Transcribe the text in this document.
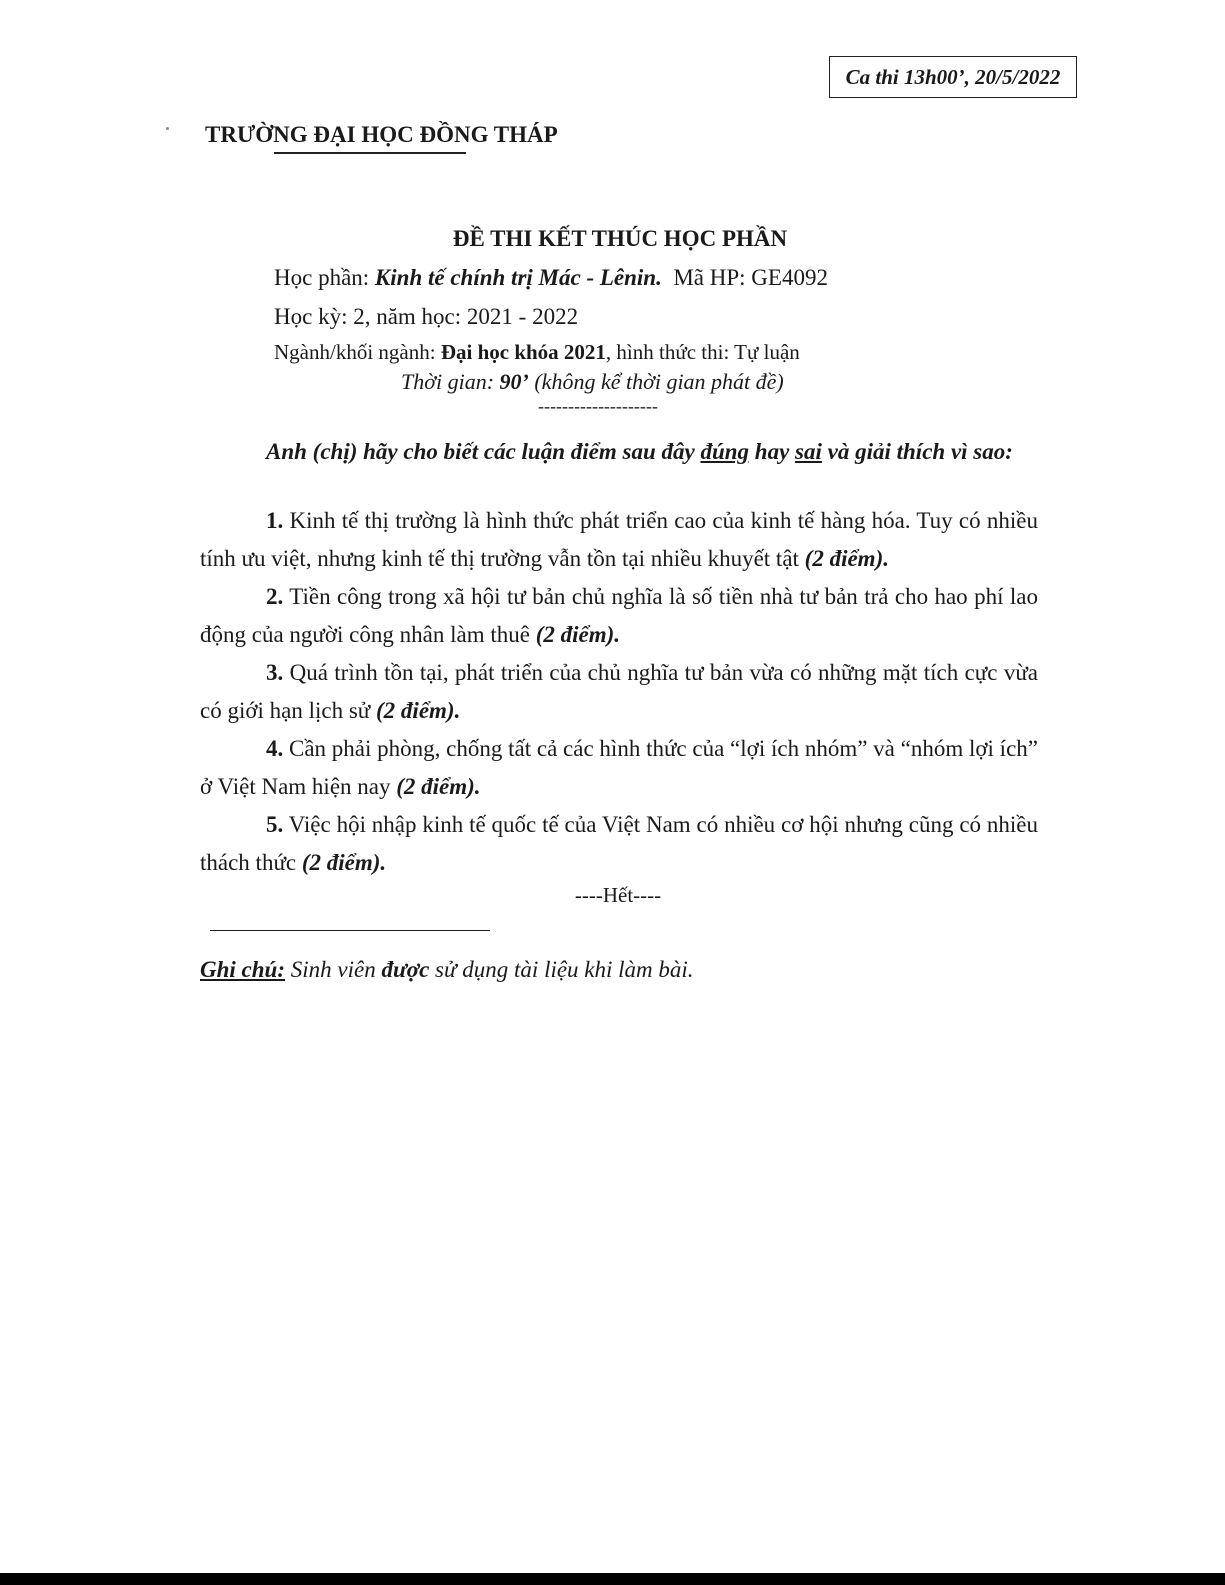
Ca thi 13h00’, 20/5/2022
TRƯỜNG ĐẠI HỌC ĐỒNG THÁP
ĐỀ THI KẾT THÚC HỌC PHẦN
Học phần: Kinh tế chính trị Mác - Lênin.  Mã HP: GE4092
Học kỳ: 2, năm học: 2021 - 2022
Ngành/khối ngành: Đại học khóa 2021, hình thức thi: Tự luận
Thời gian: 90’ (không kể thời gian phát đề)
--------------------
Anh (chị) hãy cho biết các luận điểm sau đây đúng hay sai và giải thích vì sao:

1. Kinh tế thị trường là hình thức phát triển cao của kinh tế hàng hóa. Tuy có nhiều tính ưu việt, nhưng kinh tế thị trường vẫn tồn tại nhiều khuyết tật (2 điểm).

2. Tiền công trong xã hội tư bản chủ nghĩa là số tiền nhà tư bản trả cho hao phí lao động của người công nhân làm thuê (2 điểm).

3. Quá trình tồn tại, phát triển của chủ nghĩa tư bản vừa có những mặt tích cực vừa có giới hạn lịch sử (2 điểm).

4. Cần phải phòng, chống tất cả các hình thức của “lợi ích nhóm” và “nhóm lợi ích” ở Việt Nam hiện nay (2 điểm).

5. Việc hội nhập kinh tế quốc tế của Việt Nam có nhiều cơ hội nhưng cũng có nhiều thách thức (2 điểm).

----Hết----
Ghi chú: Sinh viên được sử dụng tài liệu khi làm bài.
